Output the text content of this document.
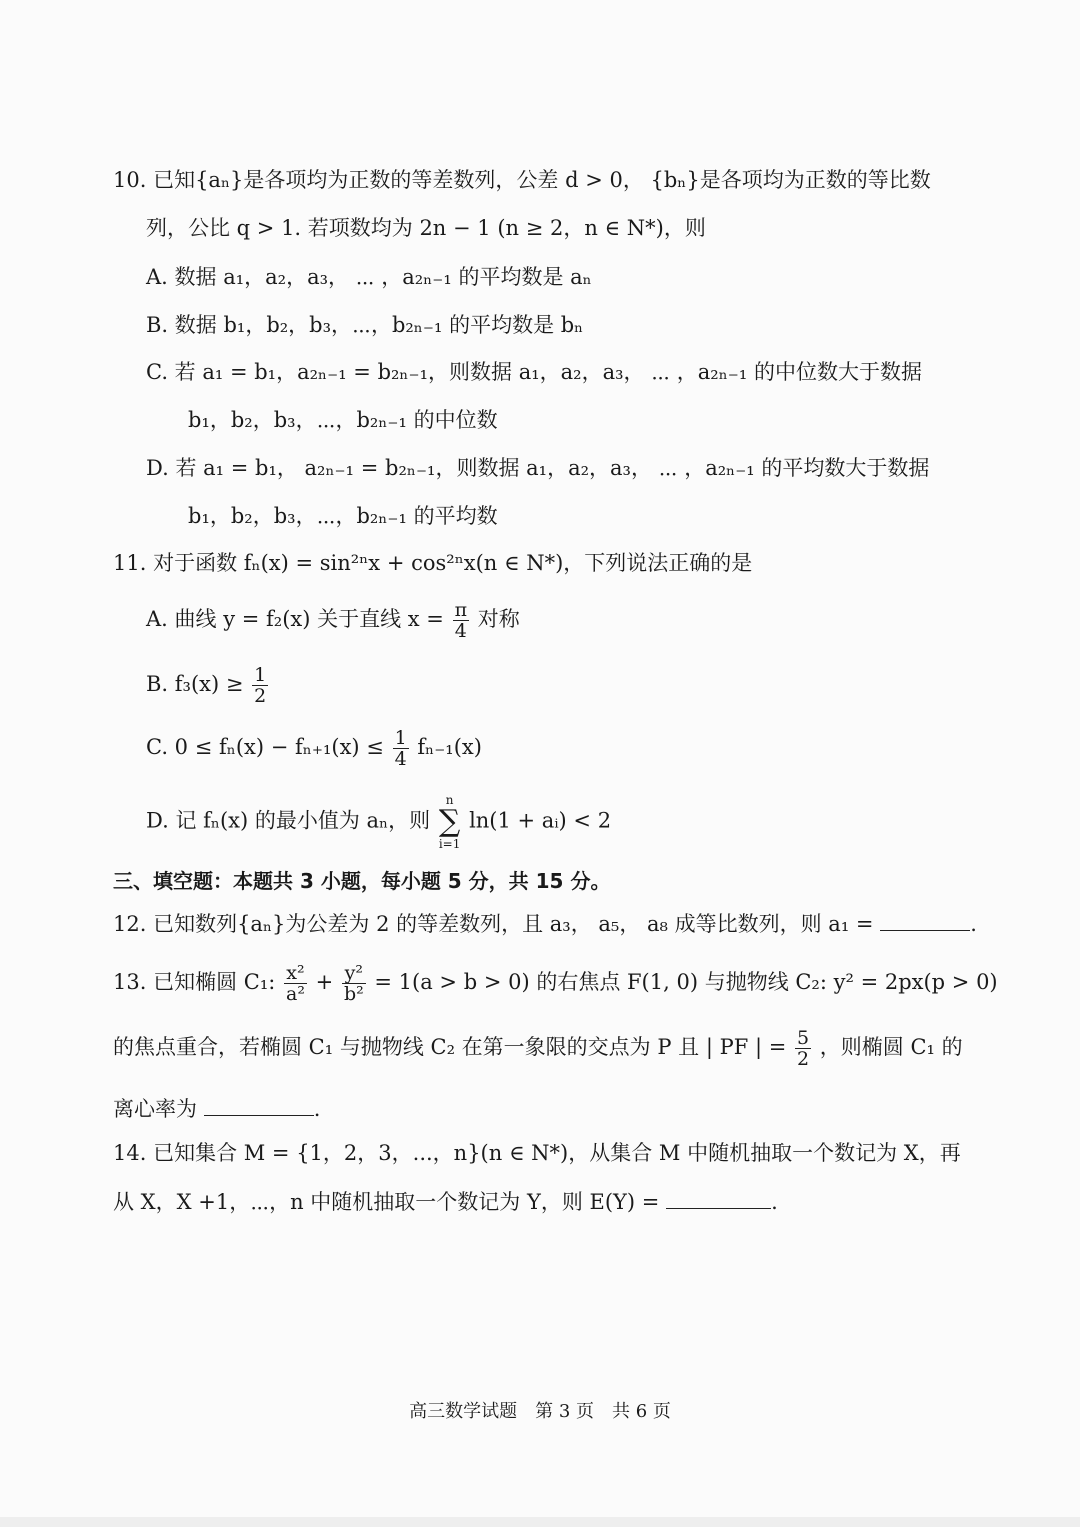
10. 已知{aₙ}是各项均为正数的等差数列，公差 d > 0， {bₙ}是各项均为正数的等比数
列，公比 q > 1. 若项数均为 2n − 1 (n ≥ 2，n ∈ N*)，则
A. 数据 a₁，a₂，a₃， ⋯ ，a₂ₙ₋₁ 的平均数是 aₙ
B. 数据 b₁，b₂，b₃，⋯，b₂ₙ₋₁ 的平均数是 bₙ
C. 若 a₁ = b₁，a₂ₙ₋₁ = b₂ₙ₋₁，则数据 a₁，a₂，a₃， ⋯ ，a₂ₙ₋₁ 的中位数大于数据
b₁，b₂，b₃，⋯，b₂ₙ₋₁ 的中位数
D. 若 a₁ = b₁， a₂ₙ₋₁ = b₂ₙ₋₁，则数据 a₁，a₂，a₃， ⋯ ，a₂ₙ₋₁ 的平均数大于数据
b₁，b₂，b₃，⋯，b₂ₙ₋₁ 的平均数
11. 对于函数 fₙ(x) = sin²ⁿx + cos²ⁿx(n ∈ N*)，下列说法正确的是
A. 曲线 y = f₂(x) 关于直线 $x = \frac{\pi}{4}$ 对称
B. $f_3(x) \ge \frac{1}{2}$
C. $0 \le f_n(x) - f_{n+1}(x) \le \frac{1}{4} f_{n-1}(x)$
D. 记 fₙ(x) 的最小值为 aₙ，则
n
∑
i=1
ln(1 + aᵢ) < 2
三、填空题：本题共 3 小题，每小题 5 分，共 15 分。
12. 已知数列{aₙ}为公差为 2 的等差数列，且 a₃， a₅， a₈ 成等比数列，则 a₁ =	.
13. 已知椭圆 C₁: $\frac{\text{x²}}{\text{a²}} + \frac{\text{y²}}{\text{b²}} = 1(a > b > 0)$ 的右焦点 F(1, 0) 与抛物线 C₂: y² = 2px(p > 0)
的焦点重合，若椭圆 C₁ 与抛物线 C₂ 在第一象限的交点为 P 且 | PF | = $\frac{5}{2}$ ，则椭圆 C₁ 的
离心率为	.
14. 已知集合 M = {1，2，3，...，n}(n ∈ N*)，从集合 M 中随机抽取一个数记为 X，再
从 X，X +1，⋯，n 中随机抽取一个数记为 Y，则 E(Y) =	.
高三数学试题　第 3 页　共 6 页
